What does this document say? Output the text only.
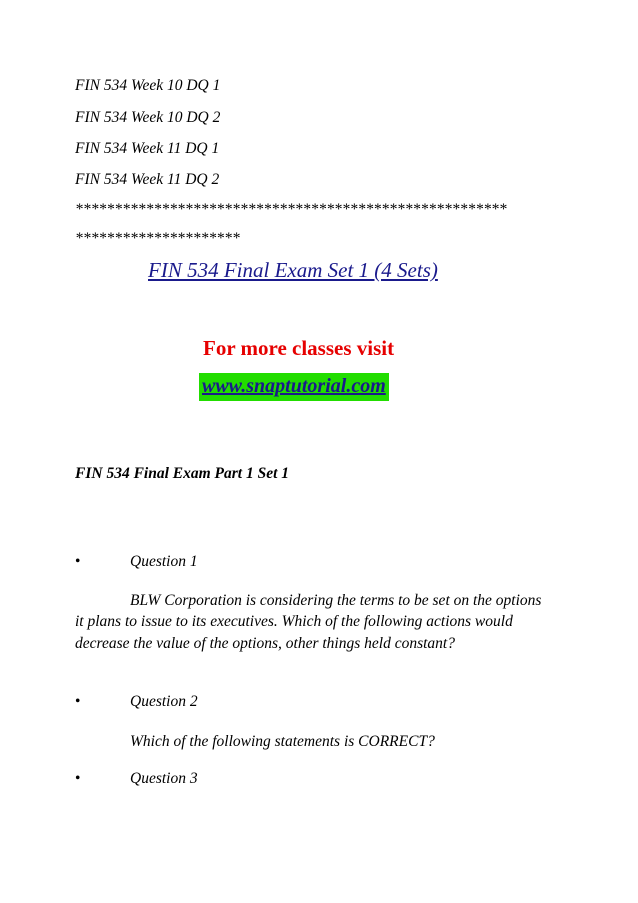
FIN 534 Week 10 DQ 1
FIN 534 Week 10 DQ 2
FIN 534 Week 11 DQ 1
FIN 534 Week 11 DQ 2
*******************************************************
*********************
FIN 534 Final Exam Set 1 (4 Sets)
For more classes visit
www.snaptutorial.com
FIN 534 Final Exam Part 1 Set 1
•	Question 1
BLW Corporation is considering the terms to be set on the options it plans to issue to its executives. Which of the following actions would decrease the value of the options, other things held constant?
•	Question 2
Which of the following statements is CORRECT?
•	Question 3
